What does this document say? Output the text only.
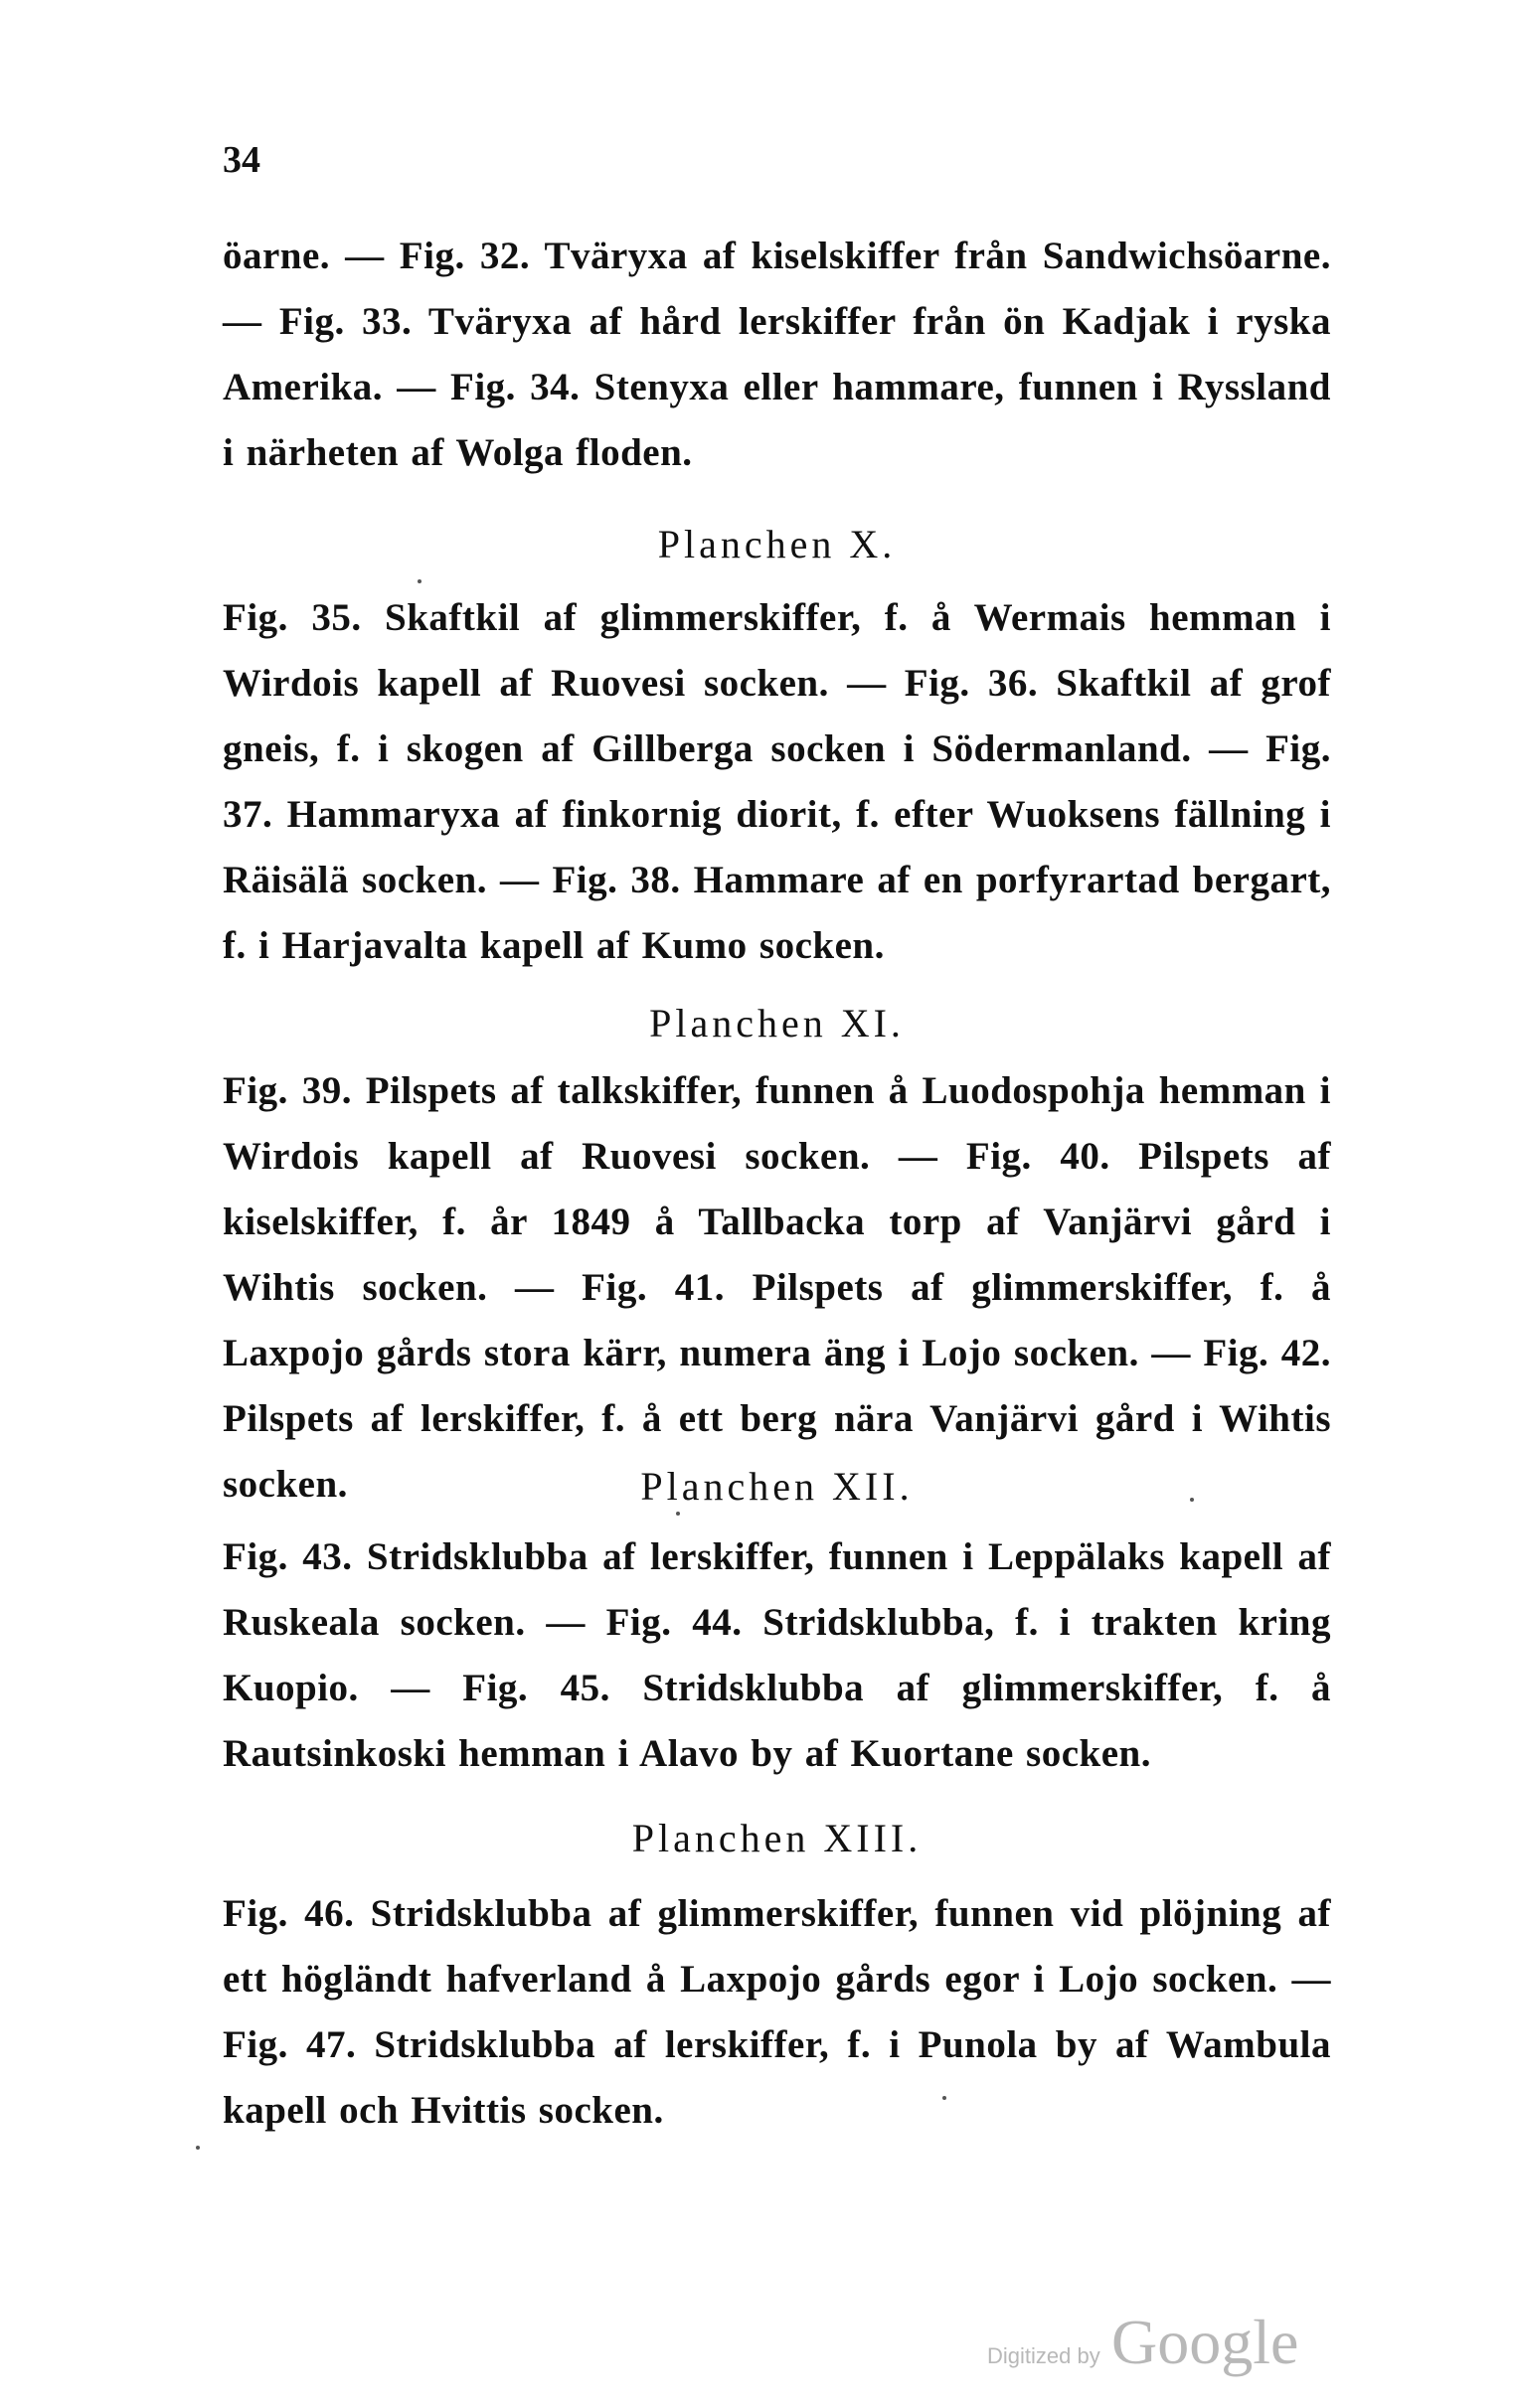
34

öarne. — Fig. 32. Tväryxa af kiselskiffer från Sandwichsöarne. — Fig. 33. Tväryxa af hård lerskiffer från ön Kadjak i ryska Amerika. — Fig. 34. Stenyxa eller hammare, funnen i Ryssland i närheten af Wolga floden.

Planchen X.

Fig. 35. Skaftkil af glimmerskiffer, f. å Wermais hemman i Wirdois kapell af Ruovesi socken. — Fig. 36. Skaftkil af grof gneis, f. i skogen af Gillberga socken i Södermanland. — Fig. 37. Hammaryxa af finkornig diorit, f. efter Wuoksens fällning i Räisälä socken. — Fig. 38. Hammare af en porfyrartad bergart, f. i Harjavalta kapell af Kumo socken.

Planchen XI.

Fig. 39. Pilspets af talkskiffer, funnen å Luodospohja hemman i Wirdois kapell af Ruovesi socken. — Fig. 40. Pilspets af kiselskiffer, f. år 1849 å Tallbacka torp af Vanjärvi gård i Wihtis socken. — Fig. 41. Pilspets af glimmerskiffer, f. å Laxpojo gårds stora kärr, numera äng i Lojo socken. — Fig. 42. Pilspets af lerskiffer, f. å ett berg nära Vanjärvi gård i Wihtis socken.	Planchen XII.

Fig. 43. Stridsklubba af lerskiffer, funnen i Leppälaks kapell af Ruskeala socken. — Fig. 44. Stridsklubba, f. i trakten kring Kuopio. — Fig. 45. Stridsklubba af glimmerskiffer, f. å Rautsinkoski hemman i Alavo by af Kuortane socken.

Planchen XIII.

Fig. 46. Stridsklubba af glimmerskiffer, funnen vid plöjning af ett högländt hafverland å Laxpojo gårds egor i Lojo socken. — Fig. 47. Stridsklubba af lerskiffer, f. i Punola by af Wambula kapell och Hvittis socken.

Digitized by Google
